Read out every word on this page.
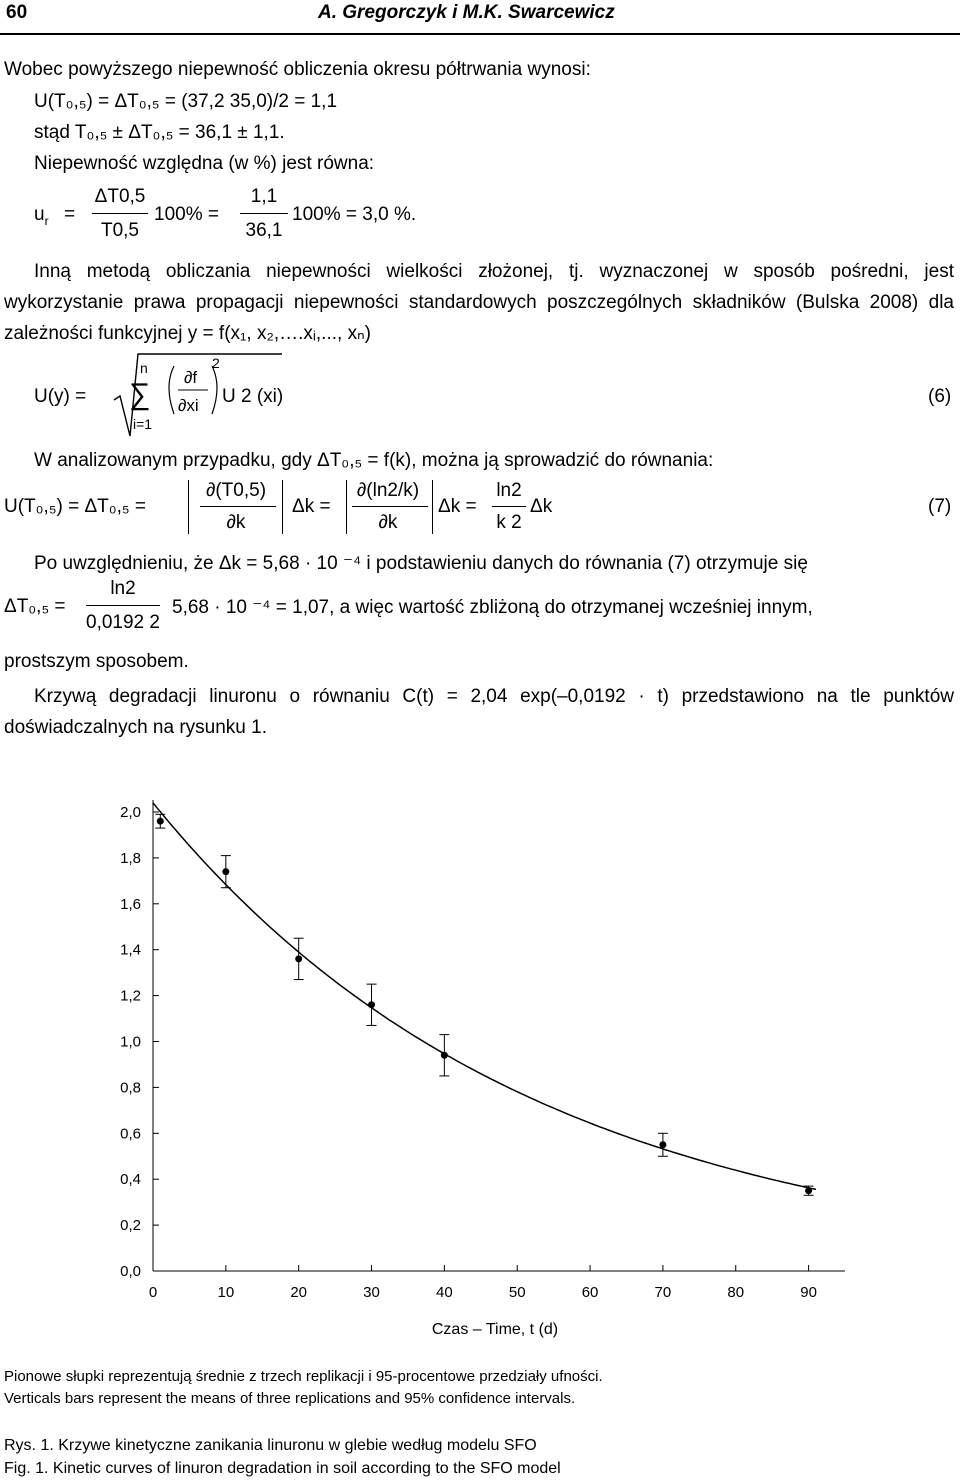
60	A. Gregorczyk i M.K. Swarcewicz
Wobec powyższego niepewność obliczenia okresu półtrwania wynosi:
U(T₀,₅) = ΔT₀,₅ = (37,2 35,0)/2 = 1,1
stąd T₀,₅ ± ΔT₀,₅ = 36,1 ± 1,1.
Niepewność względna (w %) jest równa:
$u_r$ =
ΔT0,5
T0,5
100% =
1,1
36,1
100% = 3,0 %.
Inną metodą obliczania niepewności wielkości złożonej, tj. wyznaczonej w sposób pośredni, jest wykorzystanie prawa propagacji niepewności standardowych poszczególnych składników (Bulska 2008) dla zależności funkcyjnej y = f(x₁, x₂,….xᵢ,..., xₙ)
U(y) =
n
∑
i=1
∂f
∂xi
2
U 2 (xi)	(6)
W analizowanym przypadku, gdy ΔT₀,₅ = f(k), można ją sprowadzić do równania:
U(T₀,₅) = ΔT₀,₅ =
∂(T0,5)
∂k
Δk =
∂(ln2/k)
∂k
Δk =
ln2
k 2
Δk	(7)
Po uwzględnieniu, że Δk = 5,68 · 10 ⁻⁴ i podstawieniu danych do równania (7) otrzymuje się
ΔT₀,₅ =
ln2
0,0192 2
5,68 · 10 ⁻⁴ = 1,07, a więc wartość zbliżoną do otrzymanej wcześniej innym,
prostszym sposobem.
Krzywą degradacji linuronu o równaniu C(t) = 2,04 exp(–0,0192 · t) przedstawiono na tle punktów doświadczalnych na rysunku 1.
0,0
0,2
0,4
0,6
0,8
1,0
1,2
1,4
1,6
1,8
2,0
0	10	20	30	40	50	60	70	80	90
Czas – Time, t (d)
Pionowe słupki reprezentują średnie z trzech replikacji i 95-procentowe przedziały ufności.
Verticals bars represent the means of three replications and 95% confidence intervals.
Rys. 1. Krzywe kinetyczne zanikania linuronu w glebie według modelu SFO
Fig. 1. Kinetic curves of linuron degradation in soil according to the SFO model
